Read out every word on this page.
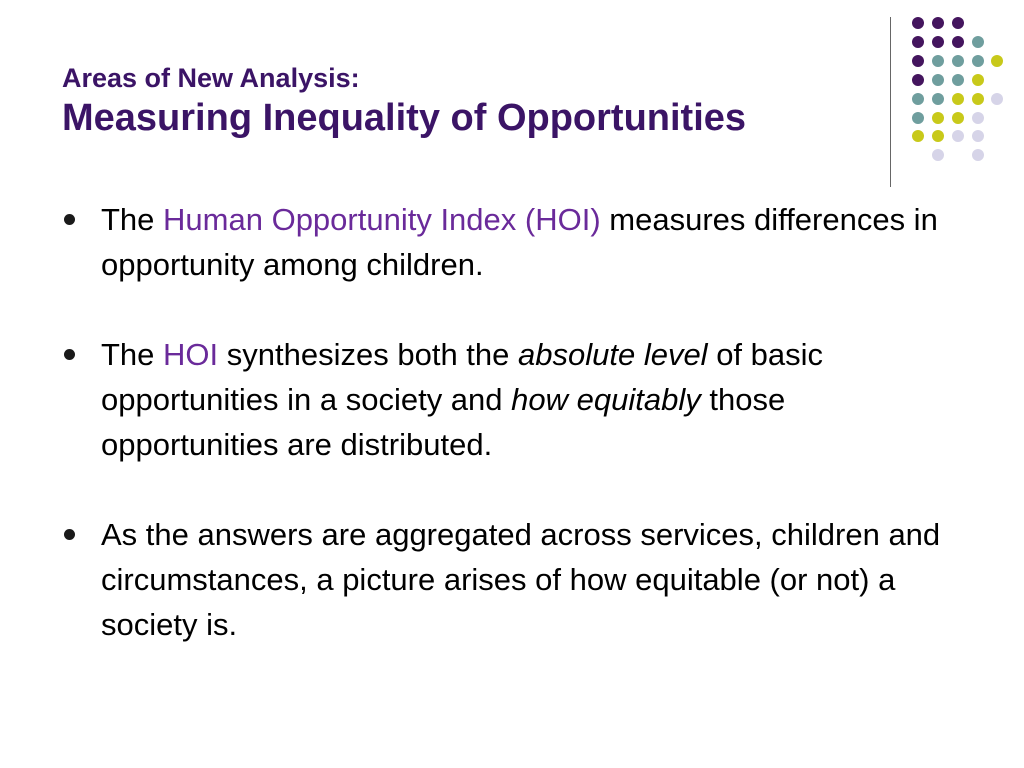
Areas of New Analysis:
Measuring Inequality of Opportunities
The Human Opportunity Index (HOI) measures differences in opportunity among children.
The HOI synthesizes both the absolute level of basic opportunities in a society and how equitably those opportunities are distributed.
As the answers are aggregated across services, children and circumstances, a picture arises of how equitable (or not) a society is.
